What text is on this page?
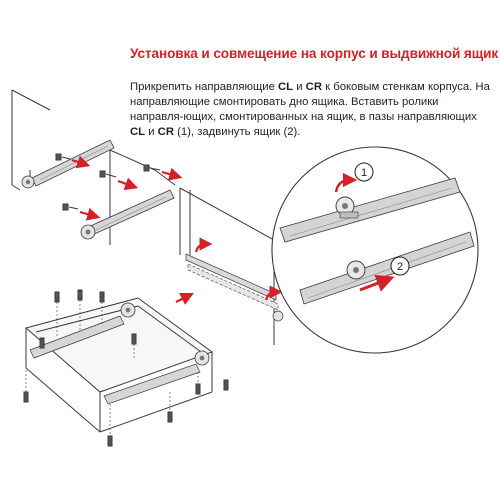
Установка и совмещение на корпус и выдвижной ящик
Прикрепить направляющие CL и CR к боковым стенкам корпуса. На направляющие смонтировать дно ящика. Вставить ролики направля-ющих, смонтированных на ящик, в пазы направляющих CL и CR (1), задвинуть ящик (2).
1
2
